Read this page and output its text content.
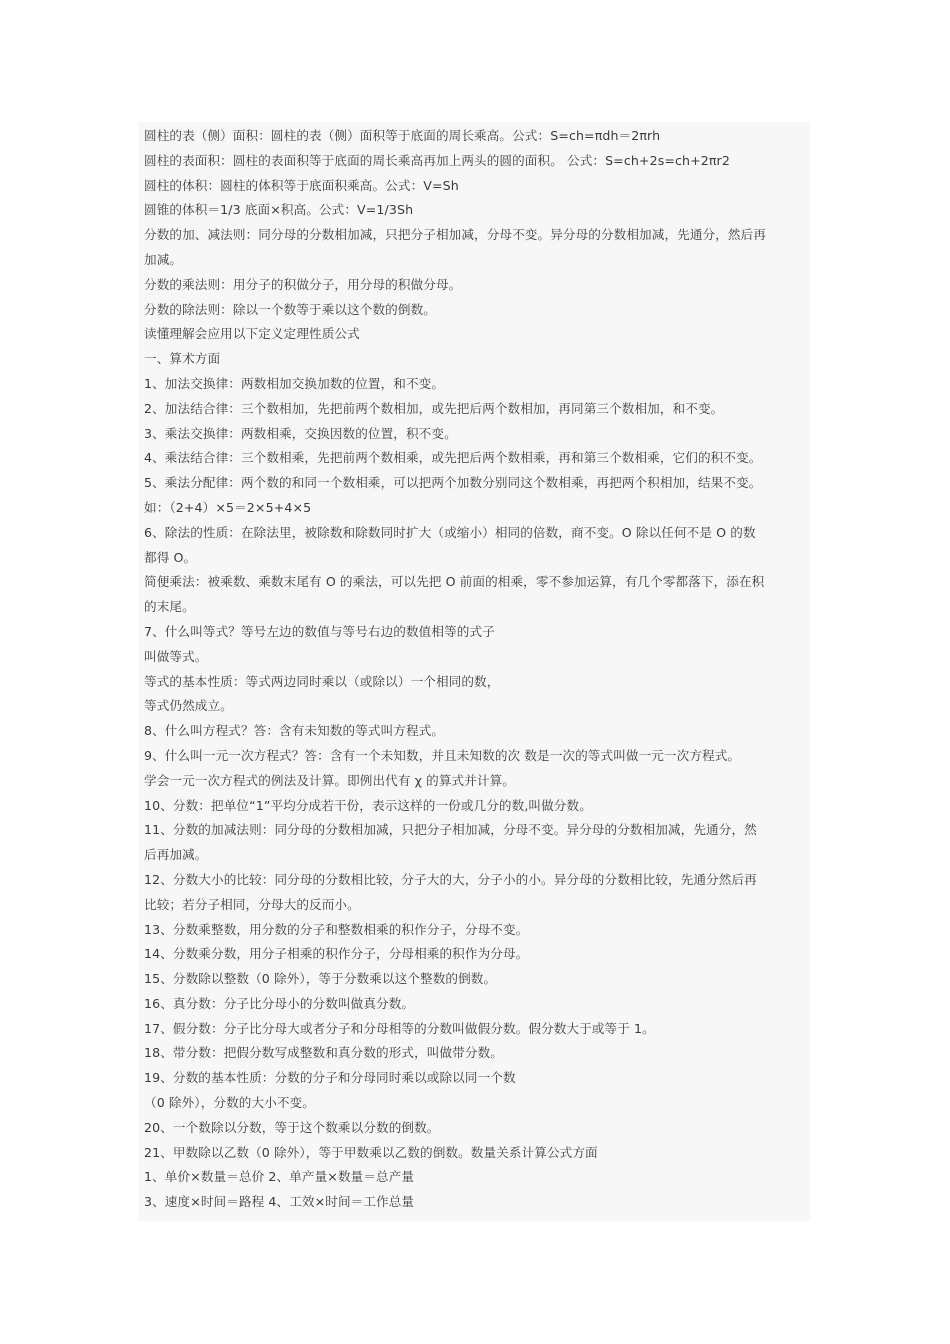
圆柱的表（侧）面积：圆柱的表（侧）面积等于底面的周长乘高。公式：S=ch=πdh＝2πrh
圆柱的表面积：圆柱的表面积等于底面的周长乘高再加上两头的圆的面积。 公式：S=ch+2s=ch+2πr2
圆柱的体积：圆柱的体积等于底面积乘高。公式：V=Sh
圆锥的体积＝1/3 底面×积高。公式：V=1/3Sh
分数的加、减法则：同分母的分数相加减，只把分子相加减，分母不变。异分母的分数相加减，先通分，然后再
加减。
分数的乘法则：用分子的积做分子，用分母的积做分母。
分数的除法则：除以一个数等于乘以这个数的倒数。
读懂理解会应用以下定义定理性质公式
一、算术方面
1、加法交换律：两数相加交换加数的位置，和不变。
2、加法结合律：三个数相加，先把前两个数相加，或先把后两个数相加，再同第三个数相加，和不变。
3、乘法交换律：两数相乘，交换因数的位置，积不变。
4、乘法结合律：三个数相乘，先把前两个数相乘，或先把后两个数相乘，再和第三个数相乘，它们的积不变。
5、乘法分配律：两个数的和同一个数相乘，可以把两个加数分别同这个数相乘，再把两个积相加，结果不变。
如：（2+4）×5＝2×5+4×5
6、除法的性质：在除法里，被除数和除数同时扩大（或缩小）相同的倍数，商不变。O 除以任何不是 O 的数
都得 O。
简便乘法：被乘数、乘数末尾有 O 的乘法，可以先把 O 前面的相乘，零不参加运算，有几个零都落下，添在积
的末尾。
7、什么叫等式？等号左边的数值与等号右边的数值相等的式子
叫做等式。
等式的基本性质：等式两边同时乘以（或除以）一个相同的数，
等式仍然成立。
8、什么叫方程式？答：含有未知数的等式叫方程式。
9、什么叫一元一次方程式？答：含有一个未知数，并且未知数的次 数是一次的等式叫做一元一次方程式。
学会一元一次方程式的例法及计算。即例出代有 χ 的算式并计算。
10、分数：把单位“1”平均分成若干份，表示这样的一份或几分的数,叫做分数。
11、分数的加减法则：同分母的分数相加减，只把分子相加减，分母不变。异分母的分数相加减，先通分，然
后再加减。
12、分数大小的比较：同分母的分数相比较，分子大的大，分子小的小。异分母的分数相比较，先通分然后再
比较；若分子相同，分母大的反而小。
13、分数乘整数，用分数的分子和整数相乘的积作分子，分母不变。
14、分数乘分数，用分子相乘的积作分子，分母相乘的积作为分母。
15、分数除以整数（0 除外），等于分数乘以这个整数的倒数。
16、真分数：分子比分母小的分数叫做真分数。
17、假分数：分子比分母大或者分子和分母相等的分数叫做假分数。假分数大于或等于 1。
18、带分数：把假分数写成整数和真分数的形式，叫做带分数。
19、分数的基本性质：分数的分子和分母同时乘以或除以同一个数
（0 除外），分数的大小不变。
20、一个数除以分数，等于这个数乘以分数的倒数。
21、甲数除以乙数（0 除外），等于甲数乘以乙数的倒数。数量关系计算公式方面
1、单价×数量＝总价 2、单产量×数量＝总产量
3、速度×时间＝路程 4、工效×时间＝工作总量
